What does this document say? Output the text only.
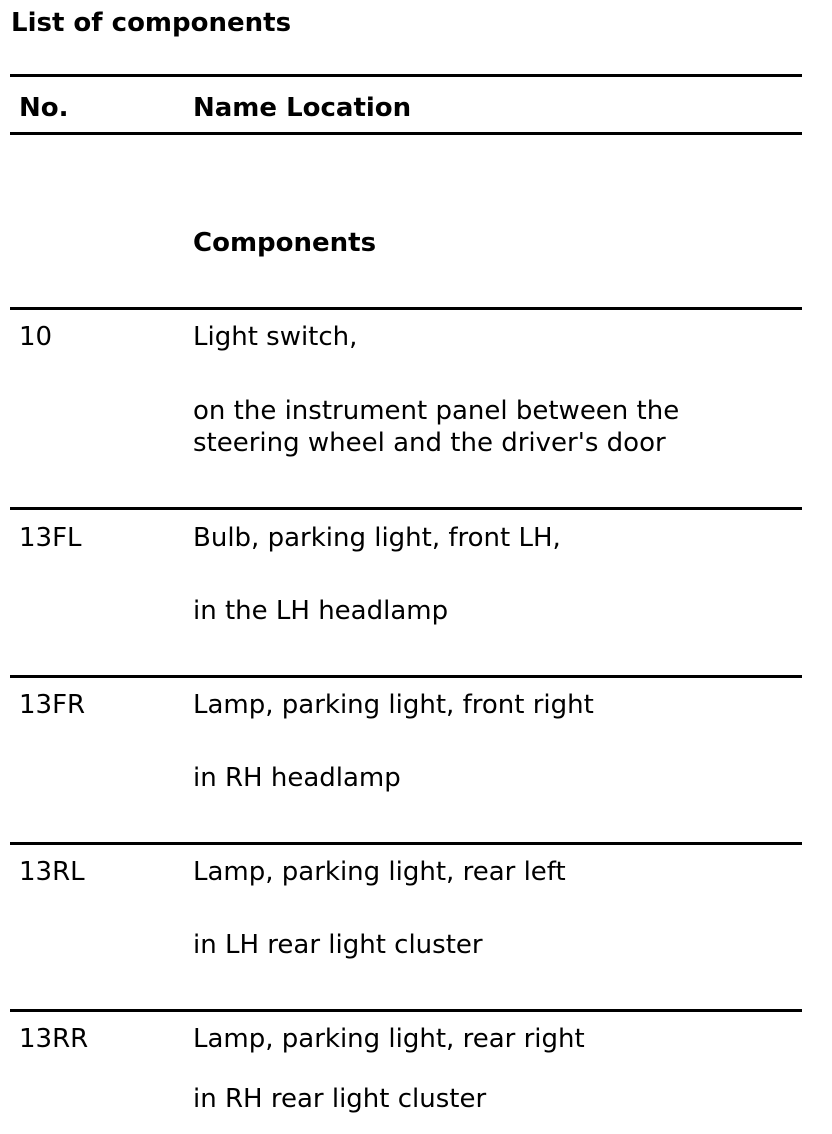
List of components
No.	Name Location
Components
10	Light switch,
on the instrument panel between the
steering wheel and the driver's door
13FL	Bulb, parking light, front LH,
in the LH headlamp
13FR	Lamp, parking light, front right
in RH headlamp
13RL	Lamp, parking light, rear left
in LH rear light cluster
13RR	Lamp, parking light, rear right
in RH rear light cluster
